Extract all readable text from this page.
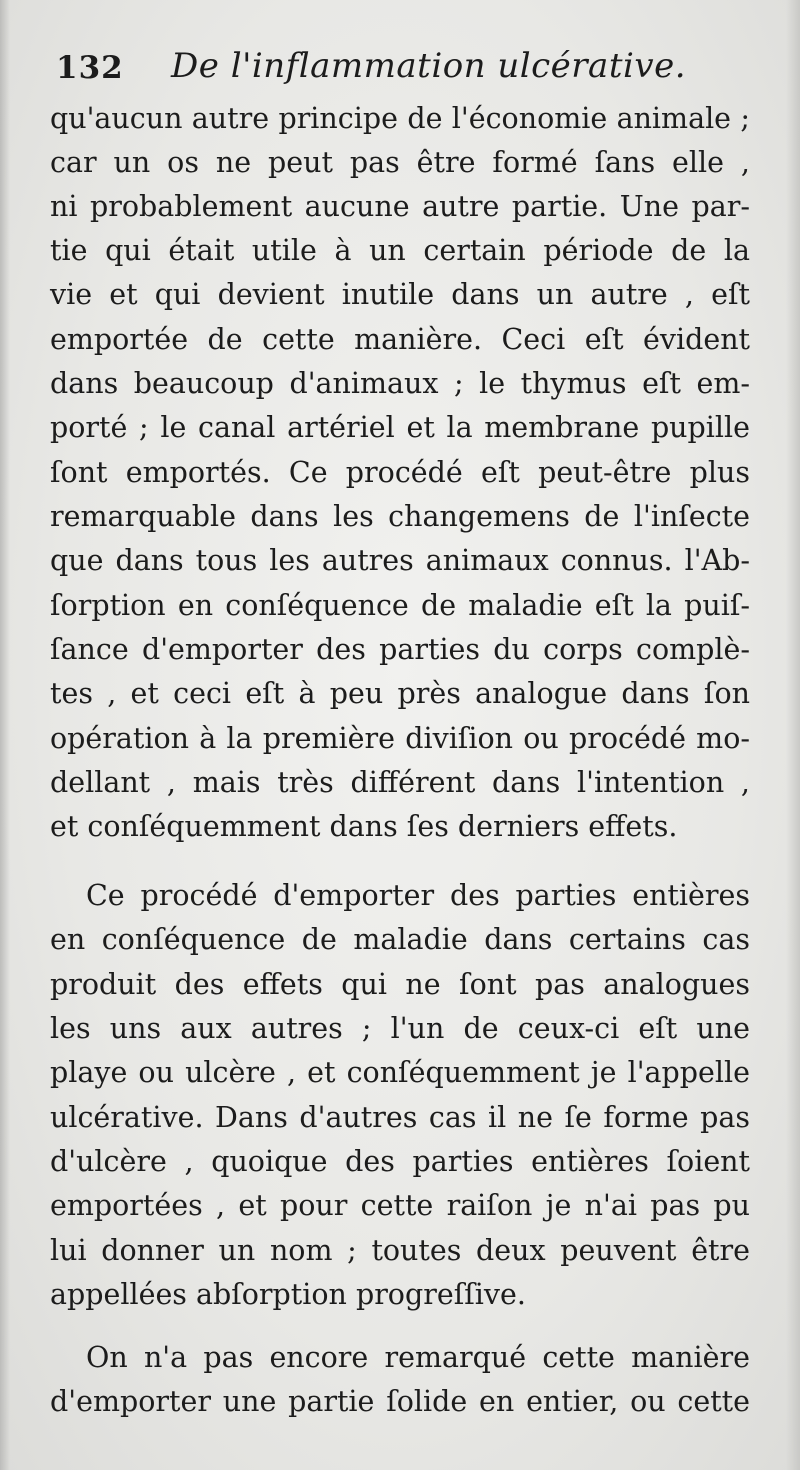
132 De l'inflammation ulcérative.
qu'aucun autre principe de l'économie animale ;
car un os ne peut pas être formé ſans elle ,
ni probablement aucune autre partie. Une par-
tie qui était utile à un certain période de la
vie et qui devient inutile dans un autre , eſt
emportée de cette manière. Ceci eſt évident
dans beaucoup d'animaux ; le thymus eſt em-
porté ; le canal artériel et la membrane pupille
ſont emportés. Ce procédé eſt peut-être plus
remarquable dans les changemens de l'inſecte
que dans tous les autres animaux connus. l'Ab-
ſorption en conſéquence de maladie eſt la puiſ-
ſance d'emporter des parties du corps complè-
tes , et ceci eſt à peu près analogue dans ſon
opération à la première diviſion ou procédé mo-
dellant , mais très différent dans l'intention ,
et conſéquemment dans ſes derniers effets.
Ce procédé d'emporter des parties entières
en conſéquence de maladie dans certains cas
produit des effets qui ne ſont pas analogues
les uns aux autres ; l'un de ceux-ci eſt une
playe ou ulcère , et conſéquemment je l'appelle
ulcérative. Dans d'autres cas il ne ſe forme pas
d'ulcère , quoique des parties entières ſoient
emportées , et pour cette raiſon je n'ai pas pu
lui donner un nom ; toutes deux peuvent être
appellées abſorption progreſſive.
On n'a pas encore remarqué cette manière
d'emporter une partie ſolide en entier, ou cette
